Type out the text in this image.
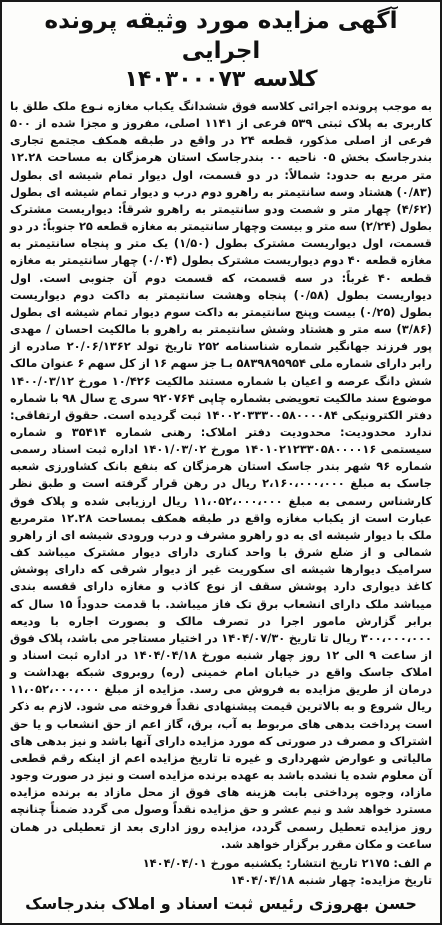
آگهی مزایده مورد وثیقه پرونده اجرایی
کلاسه ۱۴۰۳۰۰۰۷۳

به موجب پرونده اجرائی کلاسه فوق ششدانگ یکباب مغازه نـوع ملک طلق با کاربری به پلاک ثبتی ۵۳۹ فرعی از ۱۱۴۱ اصلی، مفروز و مجزا شده از ۵۰۰ فرعی از اصلی مذکور، قطعه ۲۴ در واقع در طبقه همکف مجتمع تجاری بندرجاسک بخش ۰۵ ناحیه ۰۰ بندرجاسک استان هرمزگان به مساحت ۱۲.۲۸ متر مربع به حدود: شمالاً: در دو قسمت، اول دیوار تمام شیشه ای بطول (۰/۸۳) هشتاد وسه سانتیمتر به راهرو دوم درب و دیوار تمام شیشه ای بطول (۴/۶۲) چهار متر و شصت ودو سانتیمتر به راهرو شرقاً: دیواریست مشترک بطول (۲/۲۴) سه متر و بیست وچهار سانتیمتر به مغازه قطعه ۲۵ جنوباً: در دو قسمت، اول دیواریست مشترک بطول (۱/۵۰) یک متر و پنجاه سانتیمتر به مغازه قطعه ۴۰ دوم دیواریست مشترک بطول (۰/۰۴) چهار سانتیمتر به مغازه قطعه ۴۰ غرباً: در سه قسمت، که قسمت دوم آن جنوبی است. اول دیواریست بطول (۰/۵۸) پنجاه وهشت سانتیمتر به داکت دوم دیواریست بطول (۰/۲۵) بیست وپنج سانتیمتر به داکت سوم دیوار تمام شیشه ای بطول (۳/۸۶) سه متر و هشتاد وشش سانتیمتر به راهرو با مالکیت احسان / مهدی پور فرزند جهانگیر شماره شناسنامه ۲۵۲ تاریخ تولد ۲۰/۰۶/۱۳۶۲ صادره از رابر دارای شماره ملی ۵۸۳۹۸۹۵۹۵۴ بـا جز سهم ۱۶ از کل سهم ۶ عنوان مالک شش دانگ عرصه و اعیان با شماره مستند مالکیت ۱۰/۴۲۶ مورخ ۱۴۰۰/۰۳/۱۲ موضوع سند مالکیت تعویضی بشماره چاپی ۹۲۰۷۶۴ سری ج سال ۹۸ با شماره دفتر الکترونیکی ۱۴۰۰۲۰۳۳۳۰۰۵۸۰۰۰۰۸۴ ثبت گردیده است. حقوق ارتفاقی: ندارد محدودیت: محدودیت دفتر املاک: رهنی شماره ۳۵۴۱۴ و شماره سیستمی ۱۴۰۱۰۲۱۲۳۳۰۵۸۰۰۰۰۱۶ مورخ ۱۴۰۱/۰۳/۰۲ اداره ثبت اسناد رسمی شماره ۹۶ شهر بندر جاسک استان هرمزگان که بنفع بانک کشاورزی شعبه جاسک به مبلغ ۲،۱۶۰،۰۰۰،۰۰۰ ریال در رهن قرار گرفته است و طبق نظر کارشناس رسمی به مبلغ ۱۱،۰۵۲،۰۰۰،۰۰۰ ریال ارزیابی شده و پلاک فوق عبارت است از یکباب مغازه واقع در طبقه همکف بمساحت ۱۲.۲۸ مترمربع ملک با دیوار شیشه ای به دو راهرو مشرف و درب ورودی شیشه ای از راهرو شمالی و از ضلع شرق با واحد کناری دارای دیوار مشترک میباشد کف سرامیک دیوارها شیشه ای سکوریت غیر از دیوار شرقی که دارای پوشش کاغذ دیواری دارد پوشش سقف از نوع کاذب و مغازه دارای قفسه بندی میباشد ملک دارای انشعاب برق تک فاز میباشد. با قدمت حدوداً ۱۵ سال که برابر گزارش مامور اجرا در تصرف مالک و بصورت اجاره با ودیعه ۳۰۰،۰۰۰،۰۰۰ ریال تا تاریخ ۱۴۰۴/۰۷/۳۰ در اختیار مستاجر می باشد، پلاک فوق از ساعت ۹ الی ۱۲ روز چهار شنبه مورخ ۱۴۰۴/۰۴/۱۸ در اداره ثبت اسناد و املاک جاسک واقع در خیابان امام خمینی (ره) روبروی شبکه بهداشت و درمان از طریق مزایده به فروش می رسد. مزایده از مبلغ ۱۱،۰۵۲،۰۰۰،۰۰۰ ریال شروع و به بالاترین قیمت پیشنهادی نقداً فروخته می شود. لازم به ذکر است پرداخت بدهی های مربوط به آب، برق، گاز اعم از حق انشعاب و یا حق اشتراک و مصرف در صورتی که مورد مزایده دارای آنها باشد و نیز بدهی های مالیاتی و عوارض شهرداری و غیره تا تاریخ مزایده اعم از اینکه رقم قطعی آن معلوم شده یا نشده باشد به عهده برنده مزایده است و نیز در صورت وجود مازاد، وجوه پرداختی بابت هزینه های فوق از محل مازاد به برنده مزایده مسترد خواهد شد و نیم عشر و حق مزایده نقداً وصول می گردد ضمناً چنانچه روز مزایده تعطیل رسمی گردد، مزایده روز اداری بعد از تعطیلی در همان ساعت و مکان مقرر برگزار خواهد شد.

م الف: ۲۱۷۵ تاریخ انتشار: یکشنبه مورخ ۱۴۰۴/۰۴/۰۱
تاریخ مزایده: چهار شنبه ۱۴۰۴/۰۴/۱۸
حسن بهروزی رئیس ثبت اسناد و املاک بندرجاسک
